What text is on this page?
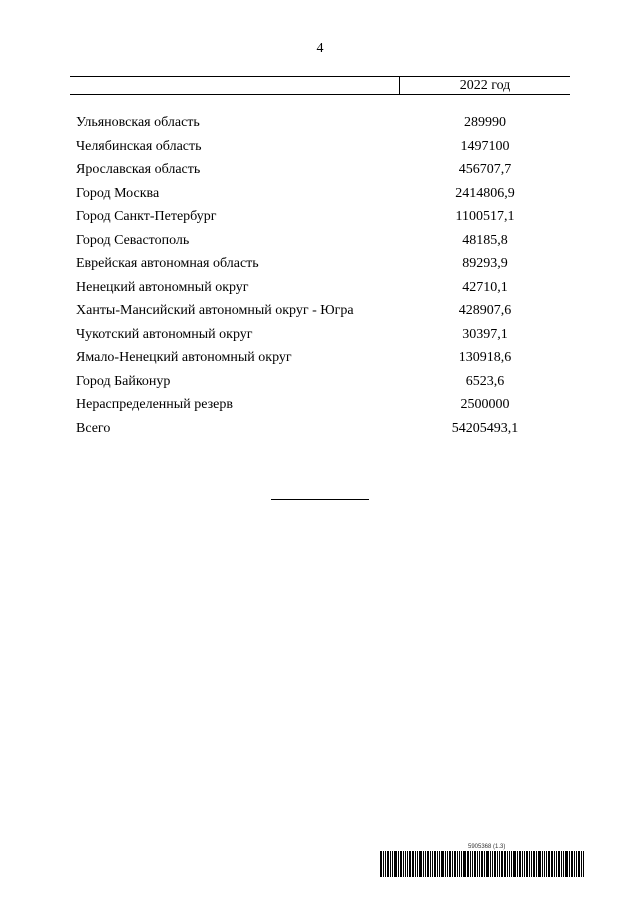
4
2022 год
Ульяновская область	289990
Челябинская область	1497100
Ярославская область	456707,7
Город Москва	2414806,9
Город Санкт-Петербург	1100517,1
Город Севастополь	48185,8
Еврейская автономная область	89293,9
Ненецкий автономный округ	42710,1
Ханты-Мансийский автономный округ - Югра	428907,6
Чукотский автономный округ	30397,1
Ямало-Ненецкий автономный округ	130918,6
Город Байконур	6523,6
Нераспределенный резерв	2500000
Всего	54205493,1
5905368 (1.3)
